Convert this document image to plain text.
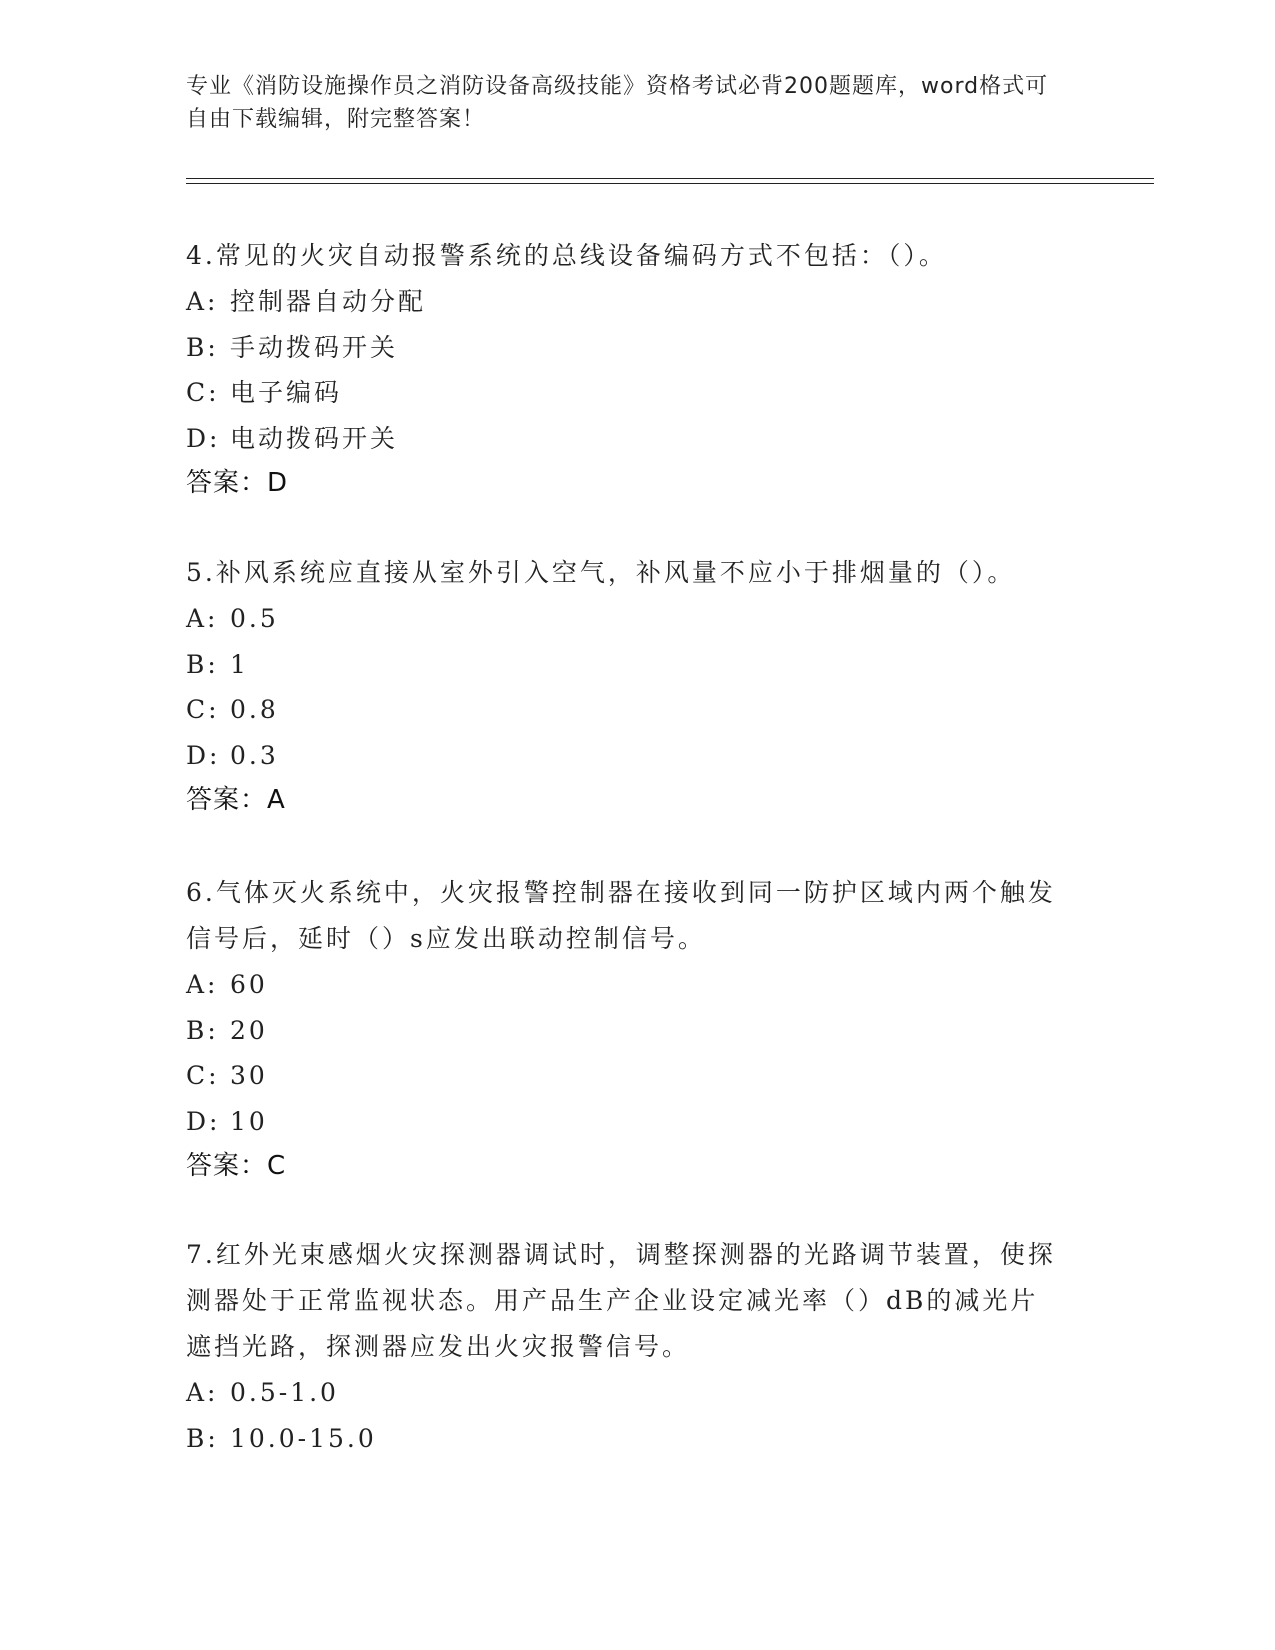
专业《消防设施操作员之消防设备高级技能》资格考试必背200题题库，word格式可自由下载编辑，附完整答案！
4.常见的火灾自动报警系统的总线设备编码方式不包括：（）。
A: 控制器自动分配
B: 手动拨码开关
C: 电子编码
D: 电动拨码开关
答案：D
5.补风系统应直接从室外引入空气，补风量不应小于排烟量的（）。
A: 0.5
B: 1
C: 0.8
D: 0.3
答案：A
6.气体灭火系统中，火灾报警控制器在接收到同一防护区域内两个触发信号后，延时（）s应发出联动控制信号。
A: 60
B: 20
C: 30
D: 10
答案：C
7.红外光束感烟火灾探测器调试时，调整探测器的光路调节装置，使探测器处于正常监视状态。用产品生产企业设定减光率（）dB的减光片遮挡光路，探测器应发出火灾报警信号。
A: 0.5-1.0
B: 10.0-15.0
